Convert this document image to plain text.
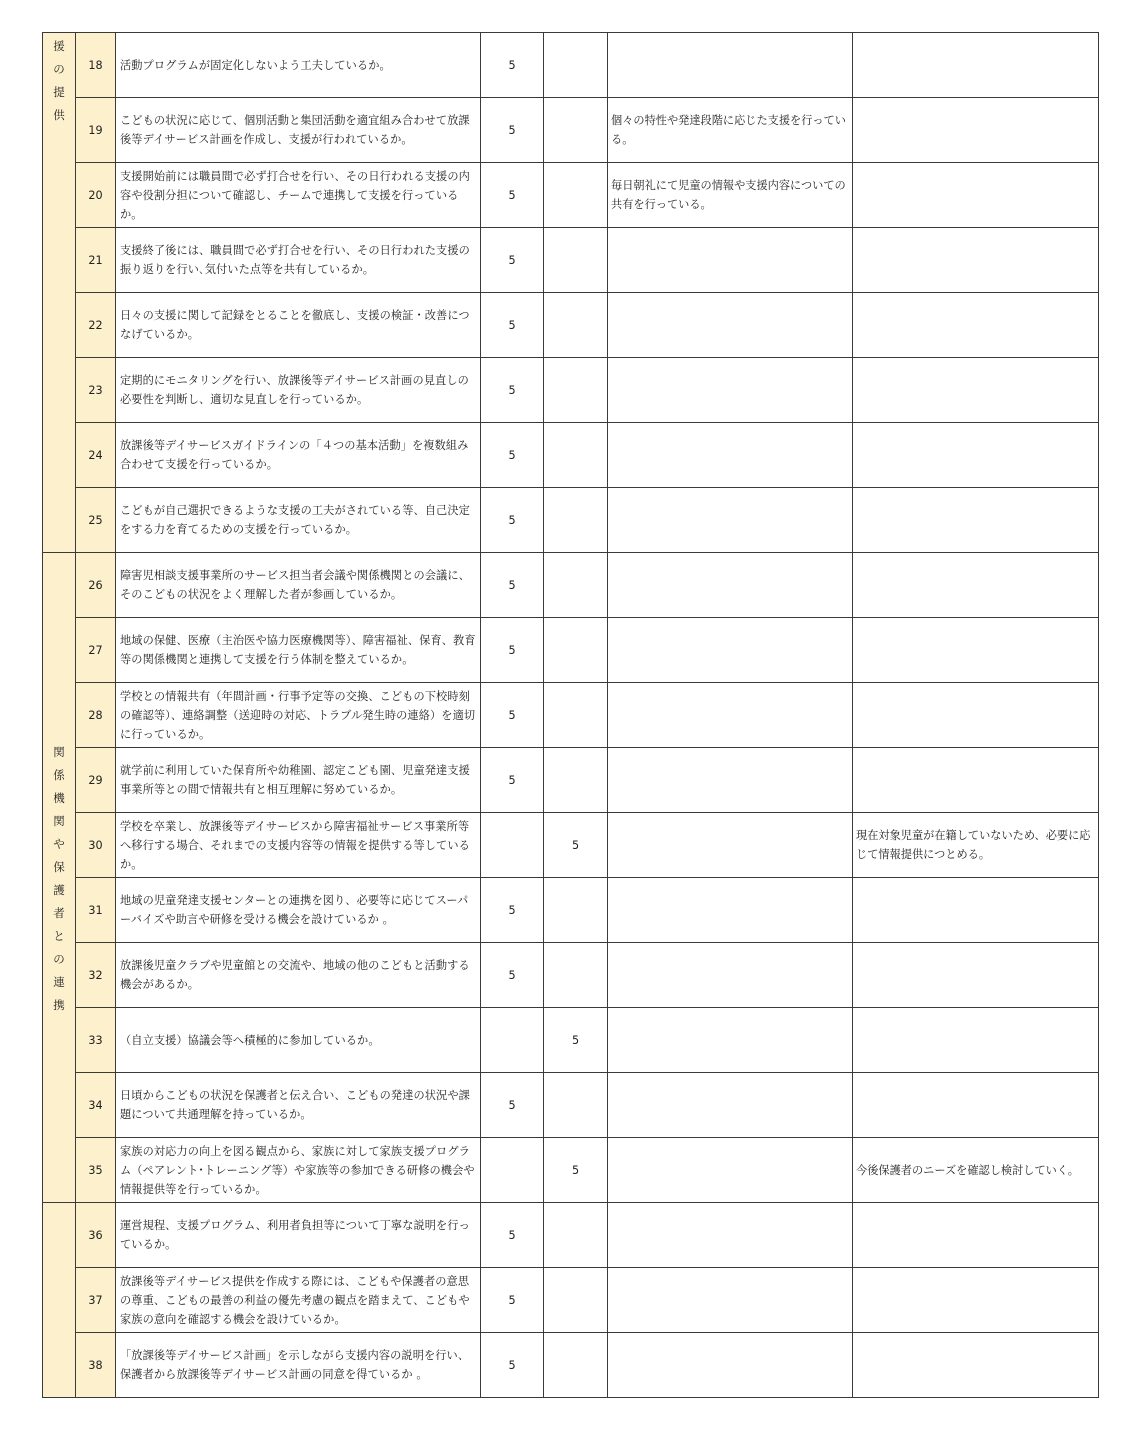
援の提供	18	活動プログラムが固定化しないよう工夫しているか。	5			
	19	こどもの状況に応じて、個別活動と集団活動を適宜組み合わせて放課後等デイサービス計画を作成し、支援が行われているか。	5		個々の特性や発達段階に応じた支援を行っている。	
	20	支援開始前には職員間で必ず打合せを行い、その日行われる支援の内容や役割分担について確認し、チームで連携して支援を行っているか。	5		毎日朝礼にて児童の情報や支援内容についての共有を行っている。	
	21	支援終了後には、職員間で必ず打合せを行い、その日行われた支援の振り返りを行い､気付いた点等を共有しているか。	5			
	22	日々の支援に関して記録をとることを徹底し、支援の検証・改善につなげているか。	5			
	23	定期的にモニタリングを行い、放課後等デイサービス計画の見直しの必要性を判断し、適切な見直しを行っているか。	5			
	24	放課後等デイサービスガイドラインの「４つの基本活動」を複数組み合わせて支援を行っているか。	5			
	25	こどもが自己選択できるような支援の工夫がされている等、自己決定をする力を育てるための支援を行っているか。	5			
関係機関や保護者との連携	26	障害児相談支援事業所のサービス担当者会議や関係機関との会議に、そのこどもの状況をよく理解した者が参画しているか。	5			
	27	地域の保健、医療（主治医や協力医療機関等）、障害福祉、保育、教育等の関係機関と連携して支援を行う体制を整えているか。	5			
	28	学校との情報共有（年間計画・行事予定等の交換、こどもの下校時刻の確認等）、連絡調整（送迎時の対応、トラブル発生時の連絡）を適切に行っているか。	5			
	29	就学前に利用していた保育所や幼稚園、認定こども園、児童発達支援事業所等との間で情報共有と相互理解に努めているか。	5			
	30	学校を卒業し、放課後等デイサービスから障害福祉サービス事業所等へ移行する場合、それまでの支援内容等の情報を提供する等しているか。		5		現在対象児童が在籍していないため、必要に応じて情報提供につとめる。
	31	地域の児童発達支援センターとの連携を図り、必要等に応じてスーパーバイズや助言や研修を受ける機会を設けているか 。	5			
	32	放課後児童クラブや児童館との交流や、地域の他のこどもと活動する機会があるか。	5			
	33	（自立支援）協議会等へ積極的に参加しているか。		5		
	34	日頃からこどもの状況を保護者と伝え合い、こどもの発達の状況や課題について共通理解を持っているか。	5			
	35	家族の対応力の向上を図る観点から、家族に対して家族支援プログラム（ペアレント･トレーニング等）や家族等の参加できる研修の機会や情報提供等を行っているか。		5		今後保護者のニーズを確認し検討していく。
	36	運営規程、支援プログラム、利用者負担等について丁寧な説明を行っているか。	5			
	37	放課後等デイサービス提供を作成する際には、こどもや保護者の意思の尊重、こどもの最善の利益の優先考慮の観点を踏まえて、こどもや家族の意向を確認する機会を設けているか。	5			
	38	「放課後等デイサービス計画」を示しながら支援内容の説明を行い、保護者から放課後等デイサービス計画の同意を得ているか 。	5			
